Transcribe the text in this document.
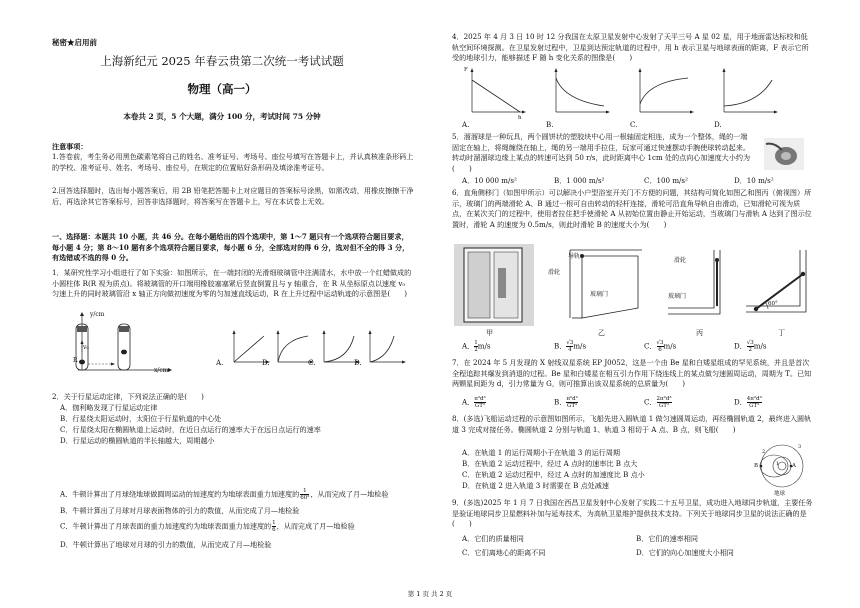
秘密★启用前
上海新纪元 2025 年春云贵第二次统一考试试题
物理（高一）
本卷共 2 页，5 个大题，满分 100 分，考试时间 75 分钟
注意事项：
1.答卷前，考生务必用黑色碳素笔将自己的姓名、准考证号、考场号、座位号填写在答题卡上，并认真核准条形码上的学校、准考证号、姓名、考场号、座位号，在规定的位置贴好条形码及填涂准考证号。
2.回答选择题时，选出每小题答案后，用 2B 铅笔把答题卡上对应题目的答案标号涂黑，如需改动，用橡皮擦擦干净后，再选涂其它答案标号，回答非选择题时，将答案写在答题卡上，写在本试卷上无效。
一、选择题：本题共 10 小题，共 46 分。在每小题给出的四个选项中，第 1～7 题只有一个选项符合题目要求，每小题 4 分；第 8～10 题有多个选项符合题目要求，每小题 6 分，全部选对的得 6 分，选对但不全的得 3 分，有选错或不选的得 0 分。
1．某研究性学习小组进行了如下实验：如图所示，在一端封闭的光滑细玻璃管中注满清水，水中放一个红蜡做成的小圆柱体 R(R 视为质点)。将玻璃管的开口端用橡胶塞塞紧后竖直倒置且与 y 轴重合，在 R 从坐标原点以速度 v₀ 匀速上升的同时玻璃管沿 x 轴正方向做初速度为零的匀加速直线运动，R 在上升过程中运动轨迹的示意图是(　　)
y/cm
x/cm
R
v₀
A.	B.	C.	D.
2．关于行星运动定律，下列说法正确的是(　　)
A．伽利略发现了行星运动定律
B．行星绕太阳运动时，太阳位于行星轨道的中心处
C．行星绕太阳在椭圆轨道上运动时，在近日点运行的速率大于在远日点运行的速率
D．行星运动的椭圆轨道的半长轴越大，周期越小
A．牛顿计算出了月球绕地球做圆周运动的加速度约为地球表面重力加速度的 $\frac{1}{\text{60²}}$ ，从而完成了月—地检验
B．牛顿计算出了月球对月球表面物体的引力的数值，从而完成了月—地检验
C．牛顿计算出了月球表面的重力加速度约为地球表面重力加速度的 $\frac{1}{6}$ ，从而完成了月—地检验
D．牛顿计算出了地球对月球的引力的数值，从而完成了月—地检验
4．2025 年 4 月 3 日 10 时 12 分我国在太原卫星发射中心发射了天平三号 A 星 02 星，用于地面雷达标校和低轨空间环境探测。在卫星发射过程中，卫星到达预定轨道的过程中，用 h 表示卫星与地球表面的距离，F 表示它所受的地球引力，能够描述 F 随 h 变化关系的图像是(　　)
A.	B.	C.	D.
F
h
5．溜溜球是一种玩具，两个圆饼状的塑胶块中心用一根轴固定相连，成为一个整体，绳的一端固定在轴上，将绳缠绕在轴上，绳的另一端用手拉住，玩家可通过快速摆动手腕使球转动起来。转动时溜溜球边缘上某点的转速可达到 50 r/s，此时距离中心 1cm 处的点向心加速度大小约为(　　)
A．10 000 m/s²	B．1 000 m/s²	C．100 m/s²	D．10 m/s²
6．直角侧移门（如图甲所示）可以解决小户型浴室开关门不方便的问题，其结构可简化如图乙和图丙（俯视图）所示，玻璃门的两端滑轮 A、B 通过一根可自由转动的轻杆连接，滑轮可沿直角导轨自由滑动，已知滑轮可视为质点，在某次关门的过程中，使用者拉住把手使滑轮 A 从初始位置由静止开始运动，当玻璃门与滑轨 A 达到了图示位置时，滑轮 A 的速度为 0.5m/s，则此时滑轮 B 的速度大小为(　　)
导轨
滑轮
玻璃门
滑轮
玻璃门
60°
甲	乙	丙	丁
A． $\frac{1}{2} m/s$	B． $\frac{√3}{4} m/s$	C． $\frac{√3}{6} m/s$	D． $\frac{√3}{2} m/s$
7．在 2024 年 5 月发现的 X 射线双星系统 EP J0052，这是一个由 Be 星和白矮星组成的罕见系统，并且是首次全程追踪其爆发到消退的过程。Be 星和白矮星在相互引力作用下绕连线上的某点做匀速圆周运动，周期为 T。已知两颗星间距为 d，引力常量为 G，则可推算出该双星系统的总质量为(　　)
A． $\frac{\text{π²d³}}{\text{GT²}}$	B． $\frac{\text{π²d²}}{\text{GT²}}$	C． $\frac{\text{2π²d³}}{\text{GT²}}$	D． $\frac{\text{4π²d³}}{\text{GT²}}$
8．(多选)飞船运动过程的示意图如图所示，飞船先进入圆轨道 1 做匀速圆周运动，再经椭圆轨道 2，最终进入圆轨道 3 完成对接任务。椭圆轨道 2 分别与轨道 1、轨道 3 相切于 A 点、B 点，则飞船(　　)
A．在轨道 1 的运行周期小于在轨道 3 的运行周期
B．在轨道 2 运动过程中，经过 A 点时的速率比 B 点大
C．在轨道 2 运动过程中，经过 A 点时的加速度比 B 点小
D．在轨道 2 进入轨道 3 时需要在 B 点处减速
A
B	1
2
3
地球
9．(多选)2025 年 1 月 7 日我国在西昌卫星发射中心发射了实践二十五号卫星，成功进入地球同步轨道，主要任务是验证地球同步卫星燃料补加与延寿技术，为高轨卫星维护提供技术支持。下列关于地球同步卫星的说法正确的是(　　)
A．它们的质量相同	B．它们的速率相同
C．它们离地心的距离不同	D．它们的向心加速度大小相同
第 1 页 共 2 页
